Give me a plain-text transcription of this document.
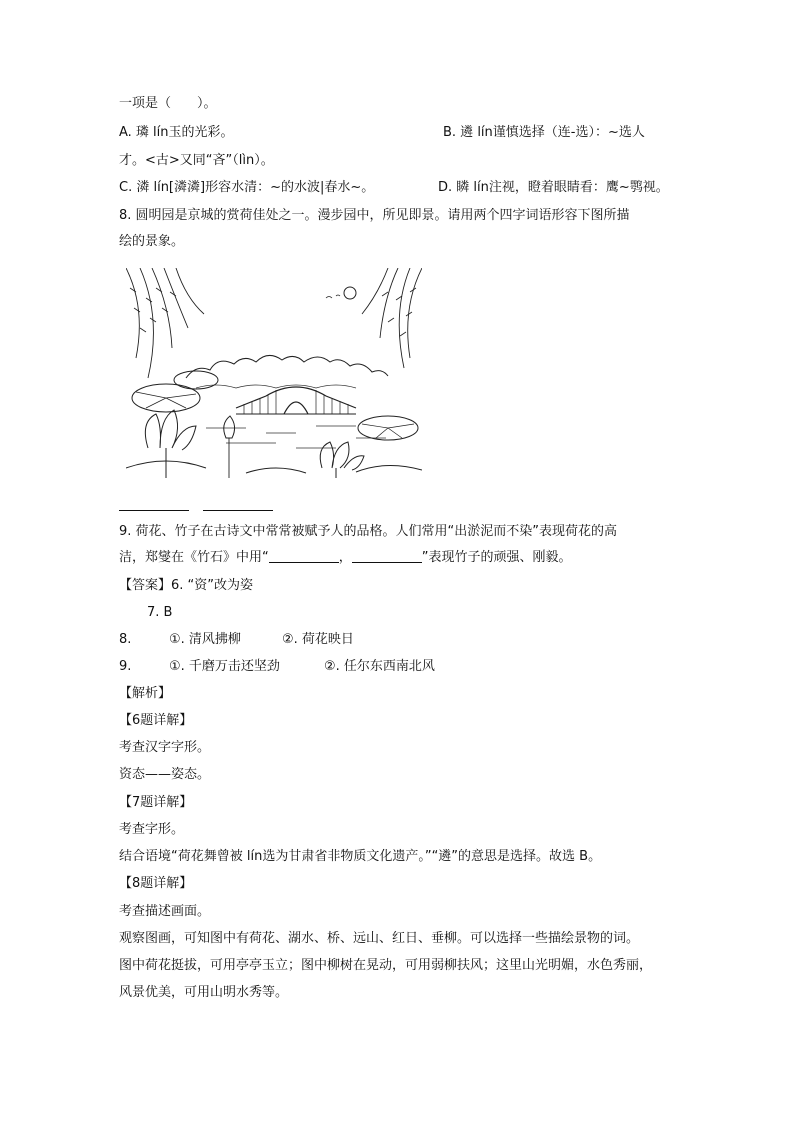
一项是（　　）。
A. 璘 lín玉的光彩。	B. 遴 lín谨慎选择（连-选）：~选人
才。<古>又同“吝”（lìn）。
C. 潾 lín[潾潾]形容水清：~的水波|春水~。	D. 瞵 lín注视，瞪着眼睛看：鹰~鹗视。
8. 圆明园是京城的赏荷佳处之一。漫步园中，所见即景。请用两个四字词语形容下图所描
绘的景象。
9. 荷花、竹子在古诗文中常常被赋予人的品格。人们常用“出淤泥而不染”表现荷花的高
洁，郑燮在《竹石》中用“	，	”表现竹子的顽强、刚毅。
【答案】6. “资”改为姿
7. B
8.	①. 清风拂柳	②. 荷花映日
9.	①. 千磨万击还坚劲	②. 任尔东西南北风
【解析】
【6题详解】
考查汉字字形。
资态——姿态。
【7题详解】
考查字形。
结合语境“荷花舞曾被 lín选为甘肃省非物质文化遗产。”“遴”的意思是选择。故选 B。
【8题详解】
考查描述画面。
观察图画，可知图中有荷花、湖水、桥、远山、红日、垂柳。可以选择一些描绘景物的词。
图中荷花挺拔，可用亭亭玉立；图中柳树在晃动，可用弱柳扶风；这里山光明媚，水色秀丽，
风景优美，可用山明水秀等。
